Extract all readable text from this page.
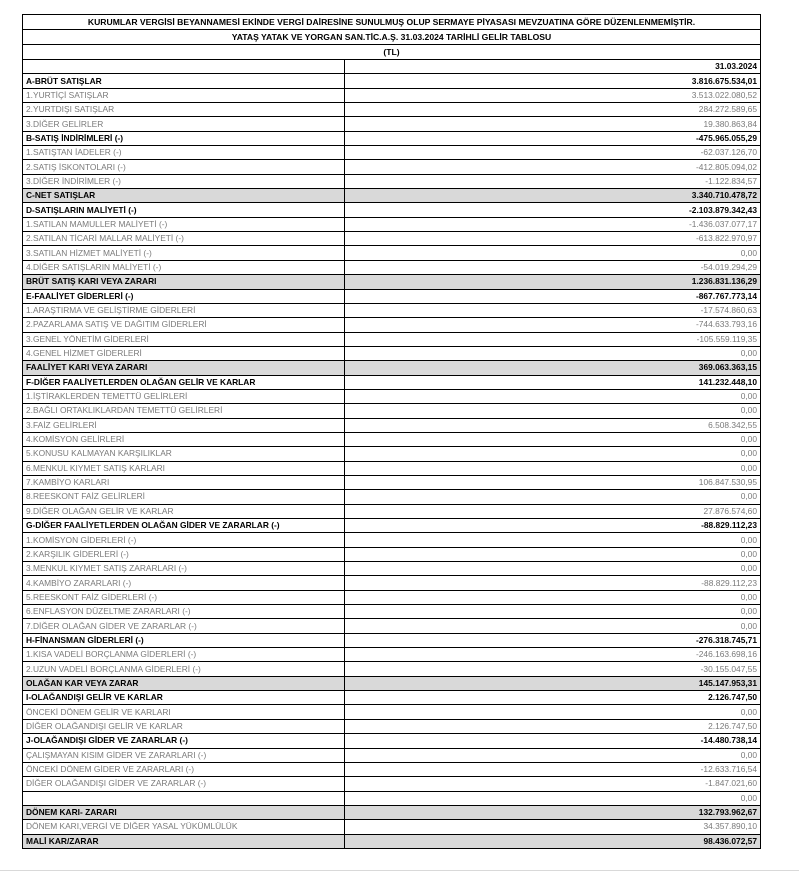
KURUMLAR VERGİSİ BEYANNAMESİ EKİNDE VERGİ DAİRESİNE SUNULMUŞ OLUP SERMAYE PİYASASI MEVZUATINA GÖRE DÜZENLENMEMİŞTİR.
YATAŞ YATAK VE YORGAN SAN.TİC.A.Ş. 31.03.2024 TARİHLİ GELİR TABLOSU
(TL)
	31.03.2024
A-BRÜT SATIŞLAR	3.816.675.534,01
1.YURTİÇİ SATIŞLAR	3.513.022.080,52
2.YURTDIŞI SATIŞLAR	284.272.589,65
3.DİĞER GELİRLER	19.380.863,84
B-SATIŞ İNDİRİMLERİ (-)	-475.965.055,29
1.SATIŞTAN İADELER (-)	-62.037.126,70
2.SATIŞ İSKONTOLARI (-)	-412.805.094,02
3.DİĞER İNDİRİMLER (-)	-1.122.834,57
C-NET SATIŞLAR	3.340.710.478,72
D-SATIŞLARIN MALİYETİ (-)	-2.103.879.342,43
1.SATILAN MAMULLER MALİYETİ (-)	-1.436.037.077,17
2.SATILAN TİCARİ MALLAR MALİYETİ (-)	-613.822.970,97
3.SATILAN HİZMET MALİYETİ (-)	0,00
4.DİĞER SATIŞLARIN MALİYETİ (-)	-54.019.294,29
BRÜT SATIŞ KARI VEYA ZARARI	1.236.831.136,29
E-FAALİYET GİDERLERİ (-)	-867.767.773,14
1.ARAŞTIRMA VE GELİŞTİRME GİDERLERİ	-17.574.860,63
2.PAZARLAMA SATIŞ VE DAĞITIM GİDERLERİ	-744.633.793,16
3.GENEL YÖNETİM GİDERLERİ	-105.559.119,35
4.GENEL HİZMET GİDERLERİ	0,00
FAALİYET KARI VEYA ZARARI	369.063.363,15
F-DİĞER FAALİYETLERDEN OLAĞAN GELİR VE KARLAR	141.232.448,10
1.İŞTİRAKLERDEN TEMETTÜ GELİRLERİ	0,00
2.BAĞLI ORTAKLIKLARDAN TEMETTÜ GELİRLERİ	0,00
3.FAİZ GELİRLERİ	6.508.342,55
4.KOMİSYON GELİRLERİ	0,00
5.KONUSU KALMAYAN KARŞILIKLAR	0,00
6.MENKUL KIYMET SATIŞ KARLARI	0,00
7.KAMBİYO KARLARI	106.847.530,95
8.REESKONT FAİZ GELİRLERİ	0,00
9.DİĞER OLAĞAN GELİR VE KARLAR	27.876.574,60
G-DİĞER FAALİYETLERDEN OLAĞAN GİDER VE ZARARLAR (-)	-88.829.112,23
1.KOMİSYON GİDERLERİ (-)	0,00
2.KARŞILIK GİDERLERİ (-)	0,00
3.MENKUL KIYMET SATIŞ ZARARLARI (-)	0,00
4.KAMBİYO ZARARLARI (-)	-88.829.112,23
5.REESKONT FAİZ GİDERLERİ (-)	0,00
6.ENFLASYON DÜZELTME ZARARLARI (-)	0,00
7.DİĞER OLAĞAN GİDER VE ZARARLAR (-)	0,00
H-FİNANSMAN GİDERLERİ (-)	-276.318.745,71
1.KISA VADELİ BORÇLANMA GİDERLERİ (-)	-246.163.698,16
2.UZUN VADELİ BORÇLANMA GİDERLERİ (-)	-30.155.047,55
OLAĞAN KAR VEYA ZARAR	145.147.953,31
I-OLAĞANDIŞI GELİR VE KARLAR	2.126.747,50
ÖNCEKİ DÖNEM GELİR VE KARLARI	0,00
DİĞER OLAĞANDIŞI GELİR VE KARLAR	2.126.747,50
J-OLAĞANDIŞI GİDER VE ZARARLAR (-)	-14.480.738,14
ÇALIŞMAYAN KISIM GİDER VE ZARARLARI (-)	0,00
ÖNCEKİ DÖNEM GİDER VE ZARARLARI (-)	-12.633.716,54
DİĞER OLAĞANDIŞI GİDER VE ZARARLAR (-)	-1.847.021,60
	0,00
DÖNEM KARI- ZARARI	132.793.962,67
DÖNEM KARI,VERGİ VE DİĞER YASAL YÜKÜMLÜLÜK	34.357.890,10
MALİ KAR/ZARAR	98.436.072,57
